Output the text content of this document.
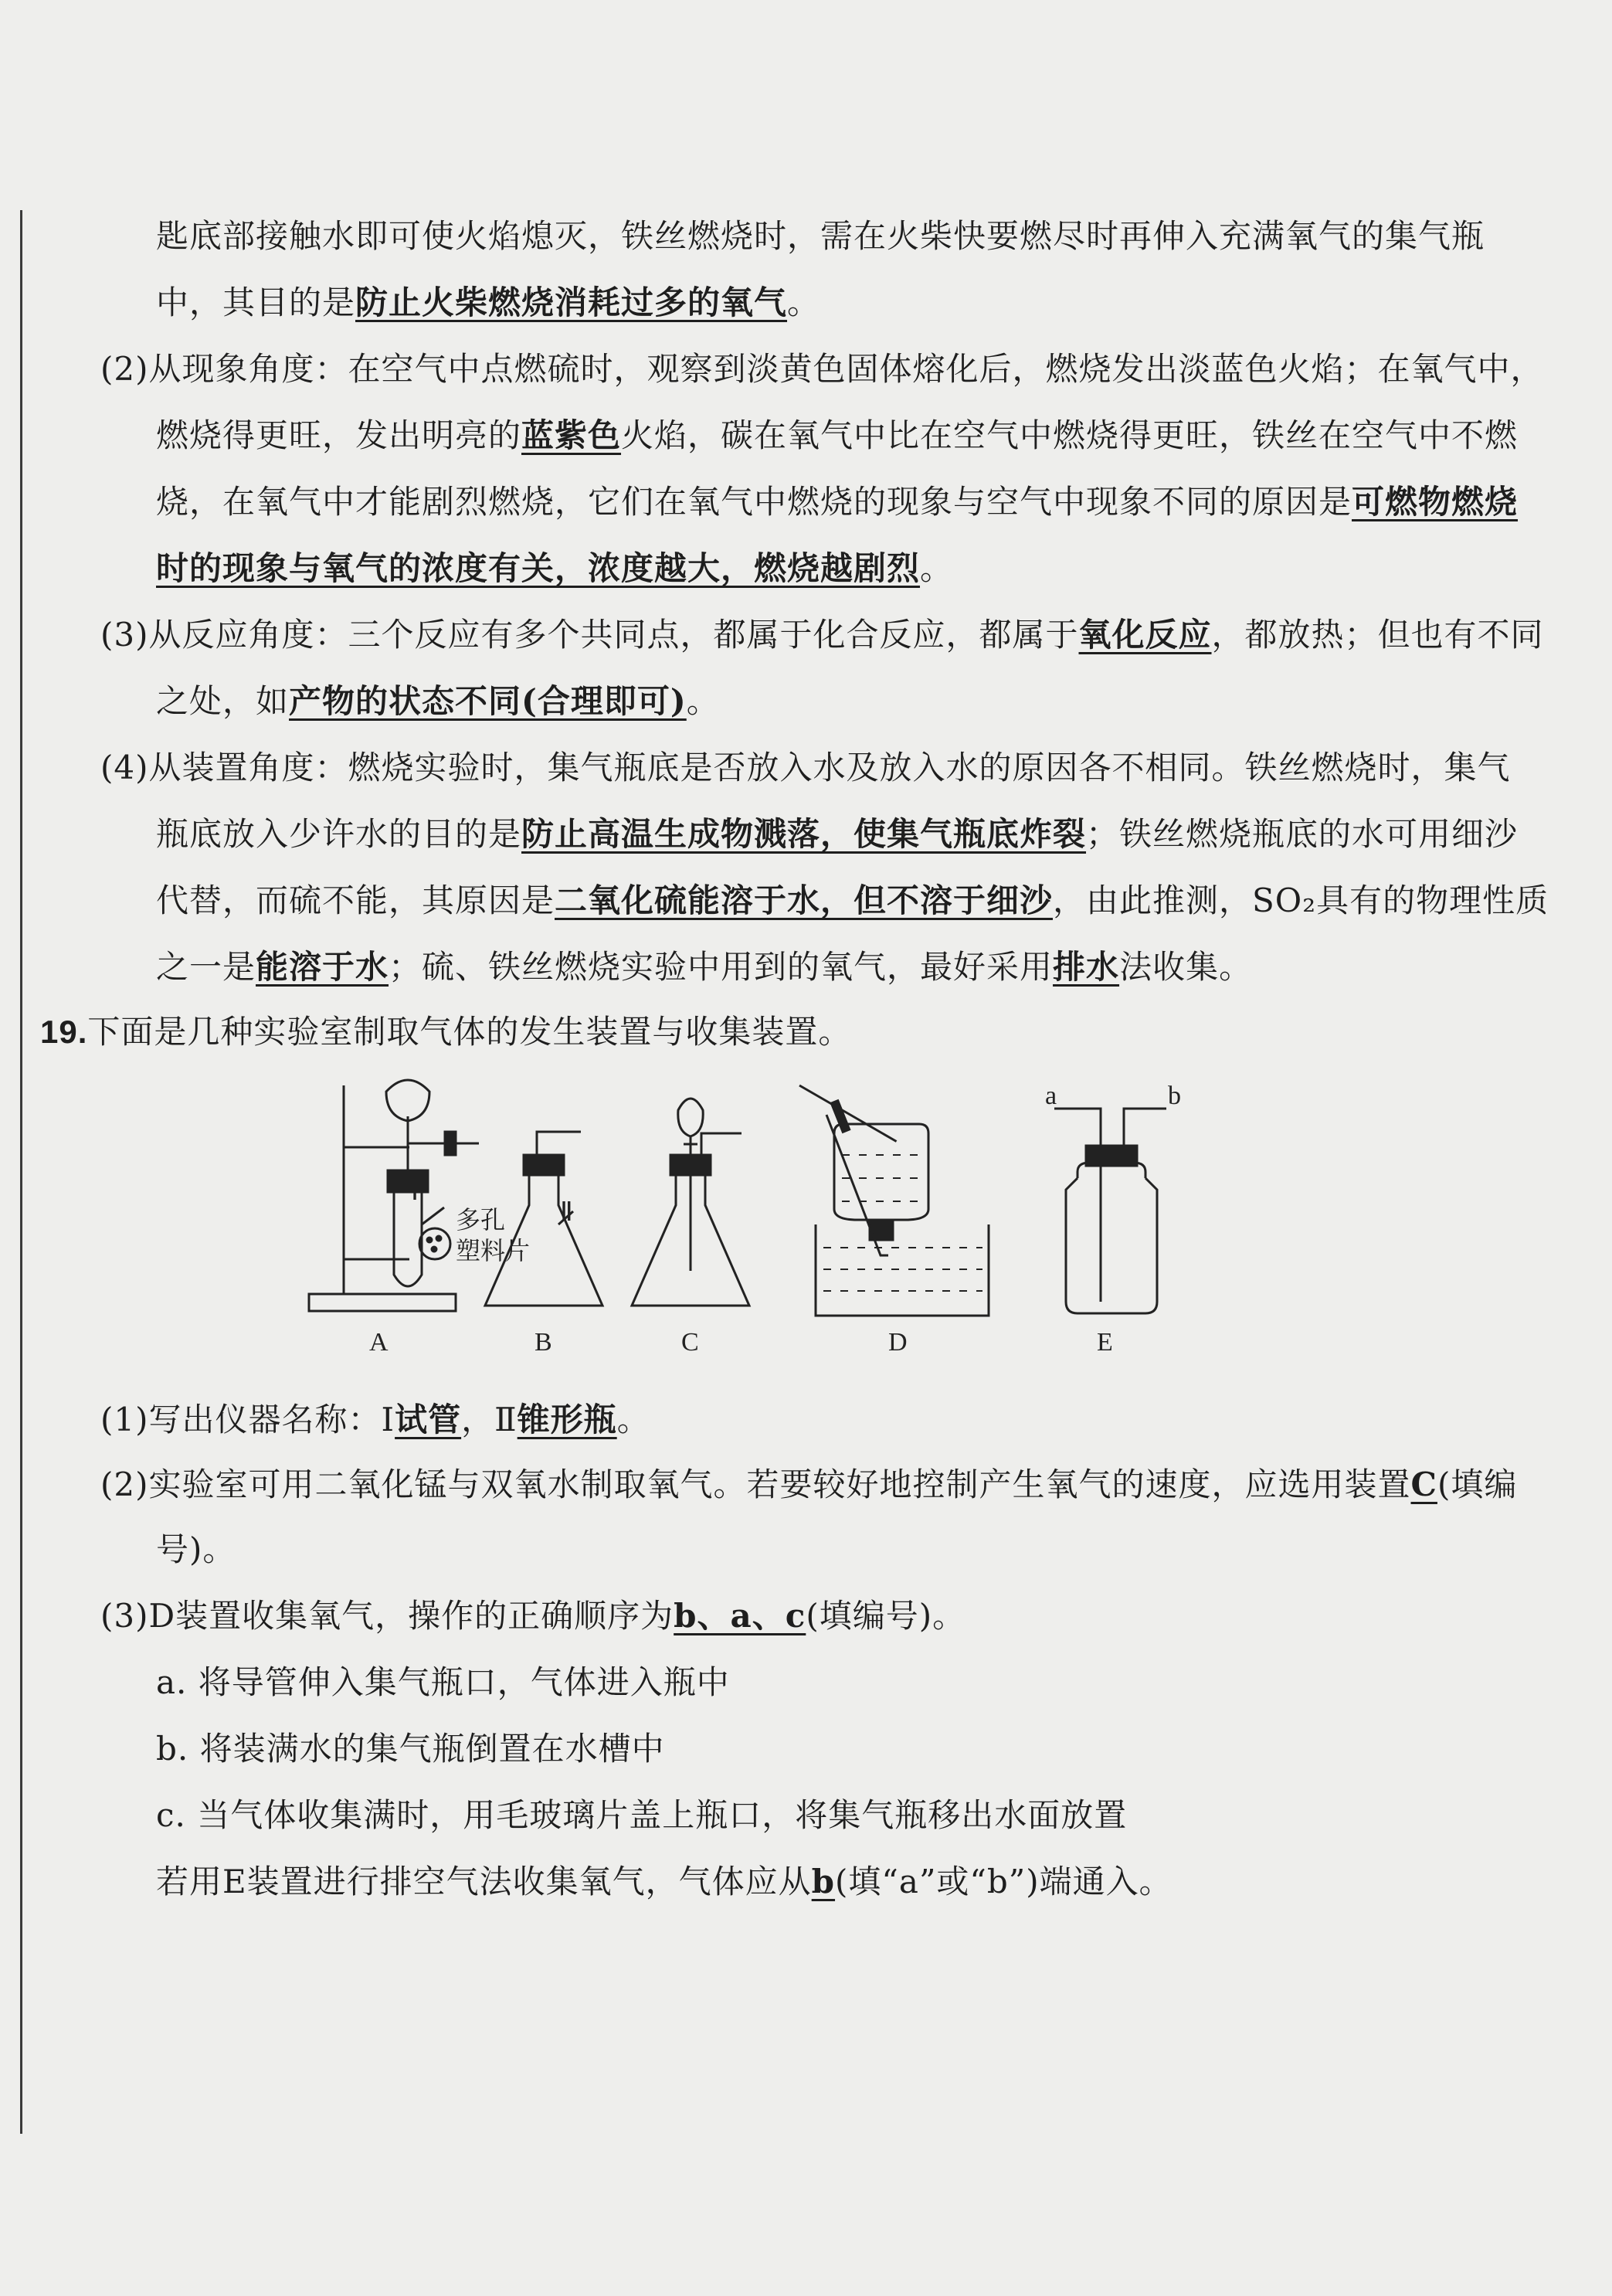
匙底部接触水即可使火焰熄灭，铁丝燃烧时，需在火柴快要燃尽时再伸入充满氧气的集气瓶
中，其目的是防止火柴燃烧消耗过多的氧气。
(2)从现象角度：在空气中点燃硫时，观察到淡黄色固体熔化后，燃烧发出淡蓝色火焰；在氧气中，
燃烧得更旺，发出明亮的蓝紫色火焰，碳在氧气中比在空气中燃烧得更旺，铁丝在空气中不燃
烧，在氧气中才能剧烈燃烧，它们在氧气中燃烧的现象与空气中现象不同的原因是可燃物燃烧
时的现象与氧气的浓度有关，浓度越大，燃烧越剧烈。
(3)从反应角度：三个反应有多个共同点，都属于化合反应，都属于氧化反应，都放热；但也有不同
之处，如产物的状态不同(合理即可)。
(4)从装置角度：燃烧实验时，集气瓶底是否放入水及放入水的原因各不相同。铁丝燃烧时，集气
瓶底放入少许水的目的是防止高温生成物溅落，使集气瓶底炸裂；铁丝燃烧瓶底的水可用细沙
代替，而硫不能，其原因是二氧化硫能溶于水，但不溶于细沙，由此推测，SO₂具有的物理性质
之一是能溶于水；硫、铁丝燃烧实验中用到的氧气，最好采用排水法收集。
19.下面是几种实验室制取气体的发生装置与收集装置。
Ⅰ
Ⅱ
多孔
塑料片
a	b
A	B	C	D	E
(1)写出仪器名称：Ⅰ试管，Ⅱ锥形瓶。
(2)实验室可用二氧化锰与双氧水制取氧气。若要较好地控制产生氧气的速度，应选用装置C(填编
号)。
(3)D装置收集氧气，操作的正确顺序为b、a、c(填编号)。
a. 将导管伸入集气瓶口，气体进入瓶中
b. 将装满水的集气瓶倒置在水槽中
c. 当气体收集满时，用毛玻璃片盖上瓶口，将集气瓶移出水面放置
若用E装置进行排空气法收集氧气，气体应从b(填“a”或“b”)端通入。
